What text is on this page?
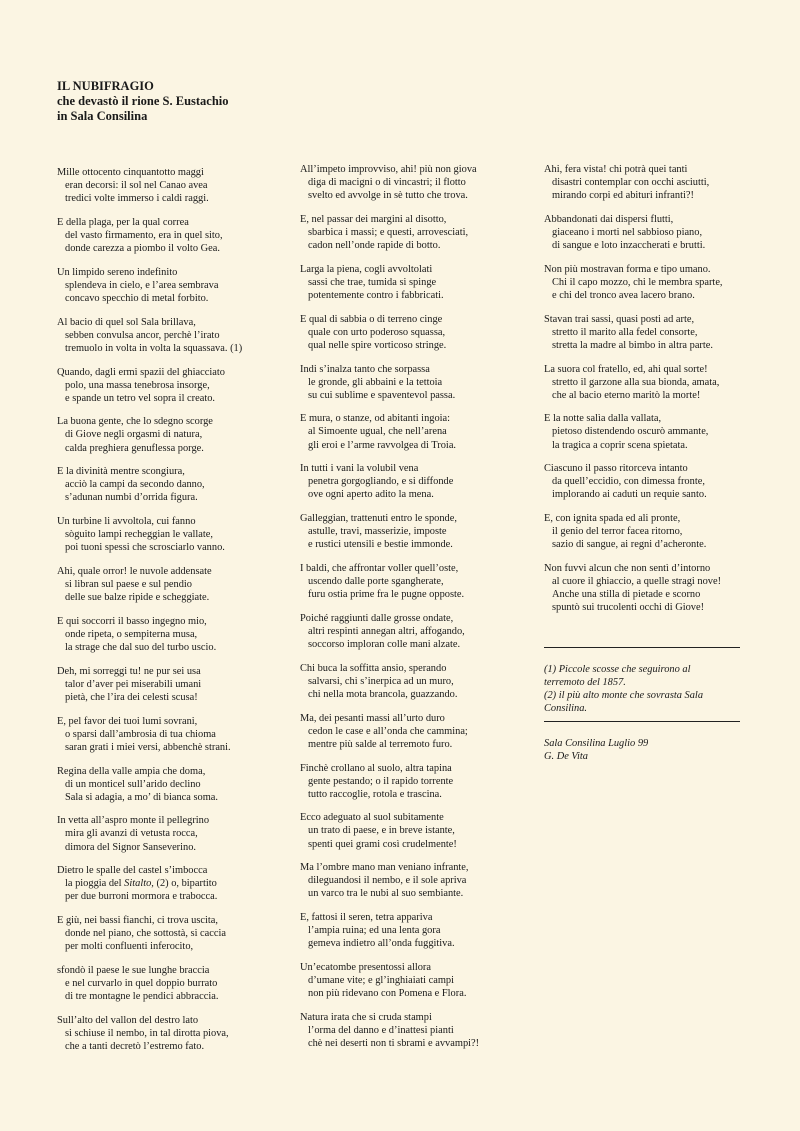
IL NUBIFRAGIO
che devastò il rione S. Eustachio
in Sala Consilina
Mille ottocento cinquantotto maggi
eran decorsi: il sol nel Canao avea
tredici volte immerso i caldi raggi.
E della plaga, per la qual correa
del vasto firmamento, era in quel sito,
donde carezza a piombo il volto Gea.
Un limpido sereno indefinito
splendeva in cielo, e l’area sembrava
concavo specchio di metal forbito.
Al bacio di quel sol Sala brillava,
sebben convulsa ancor, perchè l’irato
tremuolo in volta in volta la squassava. (1)
Quando, dagli ermi spazii del ghiacciato
polo, una massa tenebrosa insorge,
e spande un tetro vel sopra il creato.
La buona gente, che lo sdegno scorge
di Giove negli orgasmi di natura,
calda preghiera genuflessa porge.
E la divinità mentre scongiura,
acciò la campi da secondo danno,
s’adunan numbi d’orrida figura.
Un turbine li avvoltola, cui fanno
sòguito lampi recheggian le vallate,
poi tuoni spessi che scrosciarlo vanno.
Ahi, quale orror! le nuvole addensate
si libran sul paese e sul pendio
delle sue balze ripide e scheggiate.
E qui soccorri il basso ingegno mio,
onde ripeta, o sempiterna musa,
la strage che dal suo del turbo uscio.
Deh, mi sorreggi tu! ne pur sei usa
talor d’aver pei miserabili umani
pietà, che l’ira dei celesti scusa!
E, pel favor dei tuoi lumi sovrani,
o sparsi dall’ambrosia di tua chioma
saran grati i miei versi, abbenchè strani.
Regina della valle ampia che doma,
di un monticel sull’arido declino
Sala si adagia, a mo’ di bianca soma.
In vetta all’aspro monte il pellegrino
mira gli avanzi di vetusta rocca,
dimora del Signor Sanseverino.
Dietro le spalle del castel s’imbocca
la pioggia del Sitalto, (2) o, bipartito
per due burroni mormora e trabocca.
E giù, nei bassi fianchi, ci trova uscita,
donde nel piano, che sottostà, si caccia
per molti confluenti inferocito,
sfondò il paese le sue lunghe braccia
e nel curvarlo in quel doppio burrato
di tre montagne le pendici abbraccia.
Sull’alto del vallon del destro lato
si schiuse il nembo, in tal dirotta piova,
che a tanti decretò l’estremo fato.
All’impeto improvviso, ahi! più non giova
diga di macigni o di vincastri; il flotto
svelto ed avvolge in sè tutto che trova.
E, nel passar dei margini al disotto,
sbarbica i massi; e questi, arrovesciati,
cadon nell’onde rapide di botto.
Larga la piena, cogli avvoltolati
sassi che trae, tumida si spinge
potentemente contro i fabbricati.
E qual di sabbia o di terreno cinge
quale con urto poderoso squassa,
qual nelle spire vorticoso stringe.
Indi s’inalza tanto che sorpassa
le gronde, gli abbaini e la tettoia
su cui sublime e spaventevol passa.
E mura, o stanze, od abitanti ingoia:
al Simoente ugual, che nell’arena
gli eroi e l’arme ravvolgea di Troia.
In tutti i vani la volubil vena
penetra gorgogliando, e si diffonde
ove ogni aperto adito la mena.
Galleggian, trattenuti entro le sponde,
astulle, travi, masserizie, imposte
e rustici utensili e bestie immonde.
I baldi, che affrontar voller quell’oste,
uscendo dalle porte sgangherate,
furu ostia prime fra le pugne opposte.
Poiché raggiunti dalle grosse ondate,
altri respinti annegan altri, affogando,
soccorso imploran colle mani alzate.
Chi buca la soffitta ansio, sperando
salvarsi, chi s’inerpica ad un muro,
chi nella mota brancola, guazzando.
Ma, dei pesanti massi all’urto duro
cedon le case e all’onda che cammina;
mentre più salde al terremoto furo.
Finchè crollano al suolo, altra tapina
gente pestando; o il rapido torrente
tutto raccoglie, rotola e trascina.
Ecco adeguato al suol subitamente
un trato di paese, e in breve istante,
spenti quei grami così crudelmente!
Ma l’ombre mano man veniano infrante,
dileguandosi il nembo, e il sole apriva
un varco tra le nubi al suo sembiante.
E, fattosi il seren, tetra appariva
l’ampia ruina; ed una lenta gora
gemeva indietro all’onda fuggitiva.
Un’ecatombe presentossi allora
d’umane vite; e gl’inghiaiati campi
non più ridevano con Pomena e Flora.
Natura irata che si cruda stampi
l’orma del danno e d’inattesi pianti
chè nei deserti non ti sbrami e avvampi?!
Ahi, fera vista! chi potrà quei tanti
disastri contemplar con occhi asciutti,
mirando corpi ed abituri infranti?!
Abbandonati dai dispersi flutti,
giaceano i morti nel sabbioso piano,
di sangue e loto inzaccherati e brutti.
Non più mostravan forma e tipo umano.
Chi il capo mozzo, chi le membra sparte,
e chi del tronco avea lacero brano.
Stavan trai sassi, quasi posti ad arte,
stretto il marito alla fedel consorte,
stretta la madre al bimbo in altra parte.
La suora col fratello, ed, ahi qual sorte!
stretto il garzone alla sua bionda, amata,
che al bacio eterno maritò la morte!
E la notte salìa dalla vallata,
pietoso distendendo oscurò ammante,
la tragica a coprir scena spietata.
Ciascuno il passo ritorceva intanto
da quell’eccidio, con dimessa fronte,
implorando ai caduti un requie santo.
E, con ignita spada ed ali pronte,
il genio del terror facea ritorno,
sazio di sangue, ai regni d’acheronte.
Non fuvvi alcun che non sentì d’intorno
al cuore il ghiaccio, a quelle stragi nove!
Anche una stilla di pietade e scorno
spuntò sui trucolenti occhi di Giove!
(1) Piccole scosse che seguirono al
terremoto del 1857.
(2) il più alto monte che sovrasta Sala
Consilina.
Sala Consilina Luglio 99
G. De Vita
